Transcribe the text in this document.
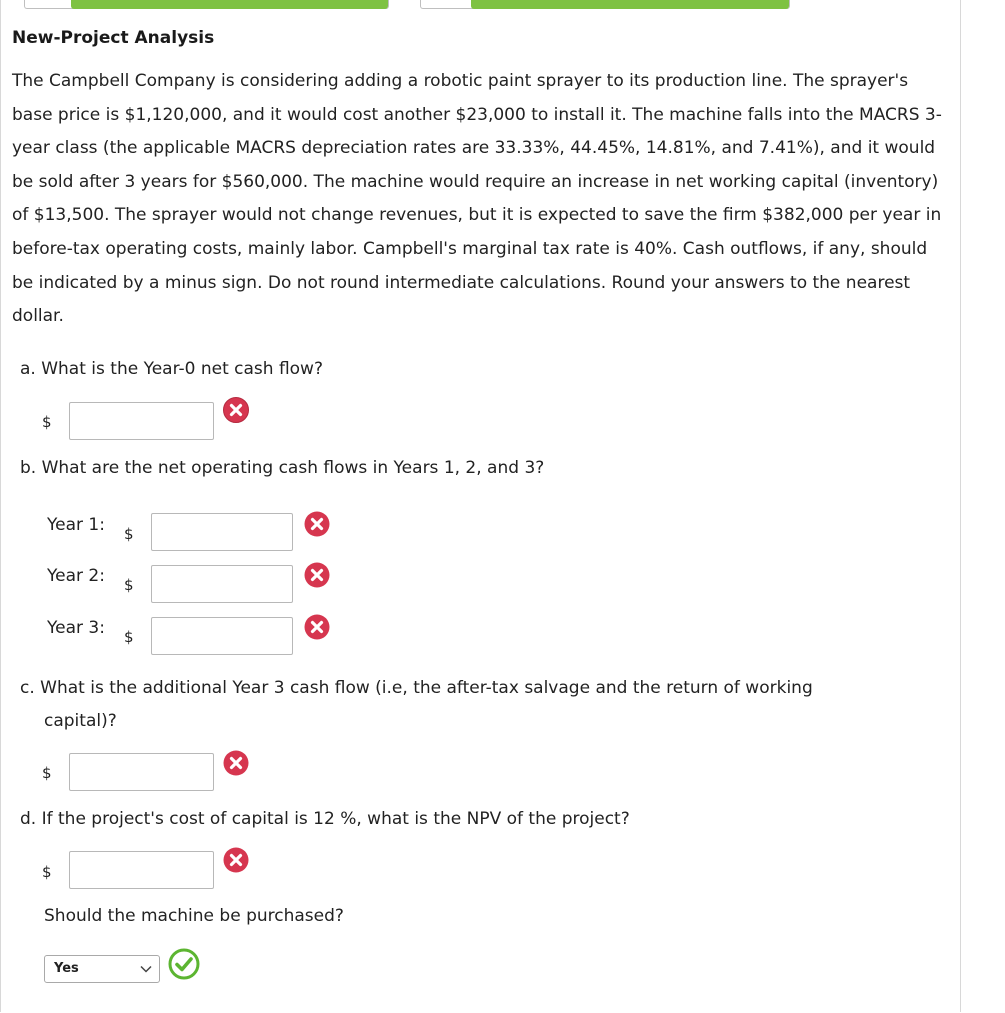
New-Project Analysis

The Campbell Company is considering adding a robotic paint sprayer to its production line. The sprayer's base price is $1,120,000, and it would cost another $23,000 to install it. The machine falls into the MACRS 3-year class (the applicable MACRS depreciation rates are 33.33%, 44.45%, 14.81%, and 7.41%), and it would be sold after 3 years for $560,000. The machine would require an increase in net working capital (inventory) of $13,500. The sprayer would not change revenues, but it is expected to save the firm $382,000 per year in before-tax operating costs, mainly labor. Campbell's marginal tax rate is 40%. Cash outflows, if any, should be indicated by a minus sign. Do not round intermediate calculations. Round your answers to the nearest dollar.

a. What is the Year-0 net cash flow?
$
b. What are the net operating cash flows in Years 1, 2, and 3?
Year 1: $
Year 2: $
Year 3: $
c. What is the additional Year 3 cash flow (i.e, the after-tax salvage and the return of working
capital)?
$
d. If the project's cost of capital is 12 %, what is the NPV of the project?
$
Should the machine be purchased?
Yes
